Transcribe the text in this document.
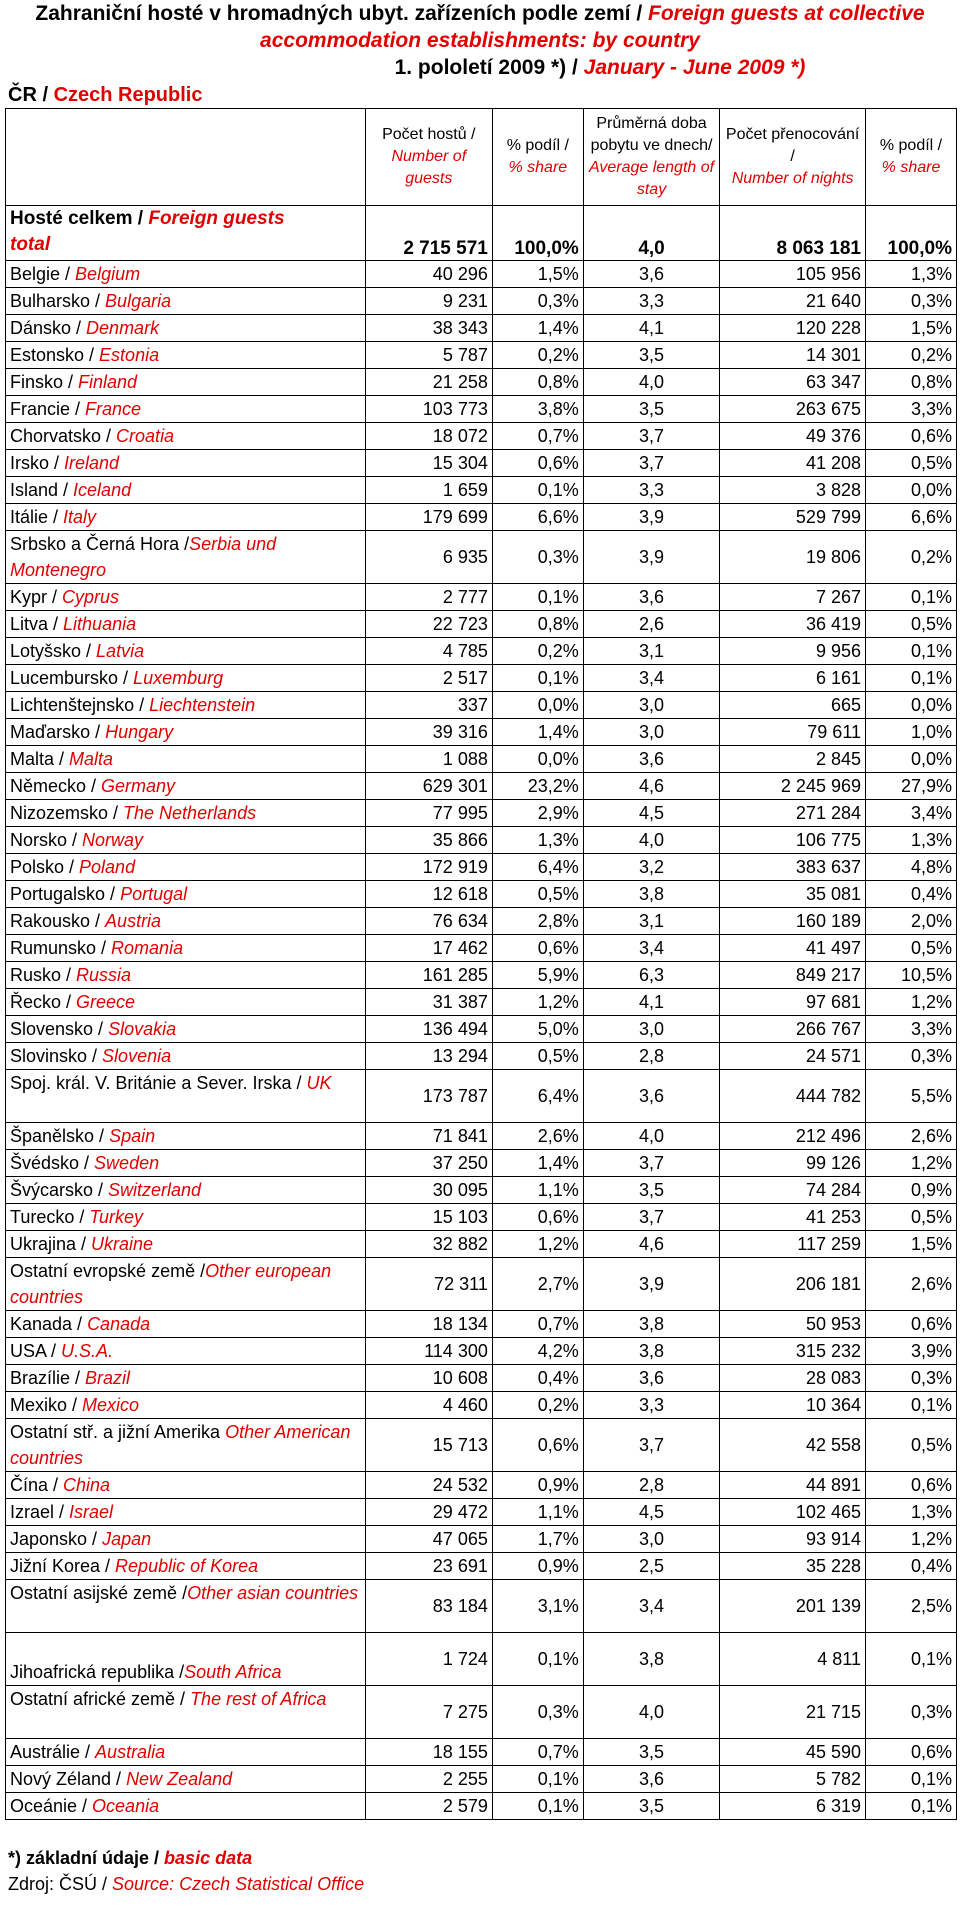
Zahraniční hosté v hromadných ubyt. zařízeních podle zemí / Foreign guests at collective
accommodation establishments: by country
1. pololetí 2009 *) / January - June 2009 *)
ČR / Czech Republic
	Počet hostů /
Number of guests	% podíl /
% share	Průměrná doba pobytu ve dnech/
Average length of stay	Počet přenocování /
Number of nights	% podíl /
% share
Hosté celkem / Foreign guests
total	2 715 571	100,0%	4,0	8 063 181	100,0%
Belgie / Belgium	40 296	1,5%	3,6	105 956	1,3%
Bulharsko / Bulgaria	9 231	0,3%	3,3	21 640	0,3%
Dánsko / Denmark	38 343	1,4%	4,1	120 228	1,5%
Estonsko / Estonia	5 787	0,2%	3,5	14 301	0,2%
Finsko / Finland	21 258	0,8%	4,0	63 347	0,8%
Francie / France	103 773	3,8%	3,5	263 675	3,3%
Chorvatsko / Croatia	18 072	0,7%	3,7	49 376	0,6%
Irsko / Ireland	15 304	0,6%	3,7	41 208	0,5%
Island / Iceland	1 659	0,1%	3,3	3 828	0,0%
Itálie / Italy	179 699	6,6%	3,9	529 799	6,6%
Srbsko a Černá Hora /Serbia und Montenegro	6 935	0,3%	3,9	19 806	0,2%
Kypr / Cyprus	2 777	0,1%	3,6	7 267	0,1%
Litva / Lithuania	22 723	0,8%	2,6	36 419	0,5%
Lotyšsko / Latvia	4 785	0,2%	3,1	9 956	0,1%
Lucembursko / Luxemburg	2 517	0,1%	3,4	6 161	0,1%
Lichtenštejnsko / Liechtenstein	337	0,0%	3,0	665	0,0%
Maďarsko / Hungary	39 316	1,4%	3,0	79 611	1,0%
Malta / Malta	1 088	0,0%	3,6	2 845	0,0%
Německo / Germany	629 301	23,2%	4,6	2 245 969	27,9%
Nizozemsko / The Netherlands	77 995	2,9%	4,5	271 284	3,4%
Norsko / Norway	35 866	1,3%	4,0	106 775	1,3%
Polsko / Poland	172 919	6,4%	3,2	383 637	4,8%
Portugalsko / Portugal	12 618	0,5%	3,8	35 081	0,4%
Rakousko / Austria	76 634	2,8%	3,1	160 189	2,0%
Rumunsko / Romania	17 462	0,6%	3,4	41 497	0,5%
Rusko / Russia	161 285	5,9%	6,3	849 217	10,5%
Řecko / Greece	31 387	1,2%	4,1	97 681	1,2%
Slovensko / Slovakia	136 494	5,0%	3,0	266 767	3,3%
Slovinsko / Slovenia	13 294	0,5%	2,8	24 571	0,3%
Spoj. král. V. Británie a Sever. Irska / UK	173 787	6,4%	3,6	444 782	5,5%
Španělsko / Spain	71 841	2,6%	4,0	212 496	2,6%
Švédsko / Sweden	37 250	1,4%	3,7	99 126	1,2%
Švýcarsko / Switzerland	30 095	1,1%	3,5	74 284	0,9%
Turecko / Turkey	15 103	0,6%	3,7	41 253	0,5%
Ukrajina / Ukraine	32 882	1,2%	4,6	117 259	1,5%
Ostatní evropské země /Other european countries	72 311	2,7%	3,9	206 181	2,6%
Kanada / Canada	18 134	0,7%	3,8	50 953	0,6%
USA / U.S.A.	114 300	4,2%	3,8	315 232	3,9%
Brazílie / Brazil	10 608	0,4%	3,6	28 083	0,3%
Mexiko / Mexico	4 460	0,2%	3,3	10 364	0,1%
Ostatní stř. a jižní Amerika Other American countries	15 713	0,6%	3,7	42 558	0,5%
Čína / China	24 532	0,9%	2,8	44 891	0,6%
Izrael / Israel	29 472	1,1%	4,5	102 465	1,3%
Japonsko / Japan	47 065	1,7%	3,0	93 914	1,2%
Jižní Korea / Republic of Korea	23 691	0,9%	2,5	35 228	0,4%
Ostatní asijské země /Other asian countries	83 184	3,1%	3,4	201 139	2,5%
Jihoafrická republika /South Africa	1 724	0,1%	3,8	4 811	0,1%
Ostatní africké země / The rest of Africa	7 275	0,3%	4,0	21 715	0,3%
Austrálie / Australia	18 155	0,7%	3,5	45 590	0,6%
Nový Zéland / New Zealand	2 255	0,1%	3,6	5 782	0,1%
Oceánie / Oceania	2 579	0,1%	3,5	6 319	0,1%
*) základní údaje / basic data
Zdroj: ČSÚ / Source: Czech Statistical Office
